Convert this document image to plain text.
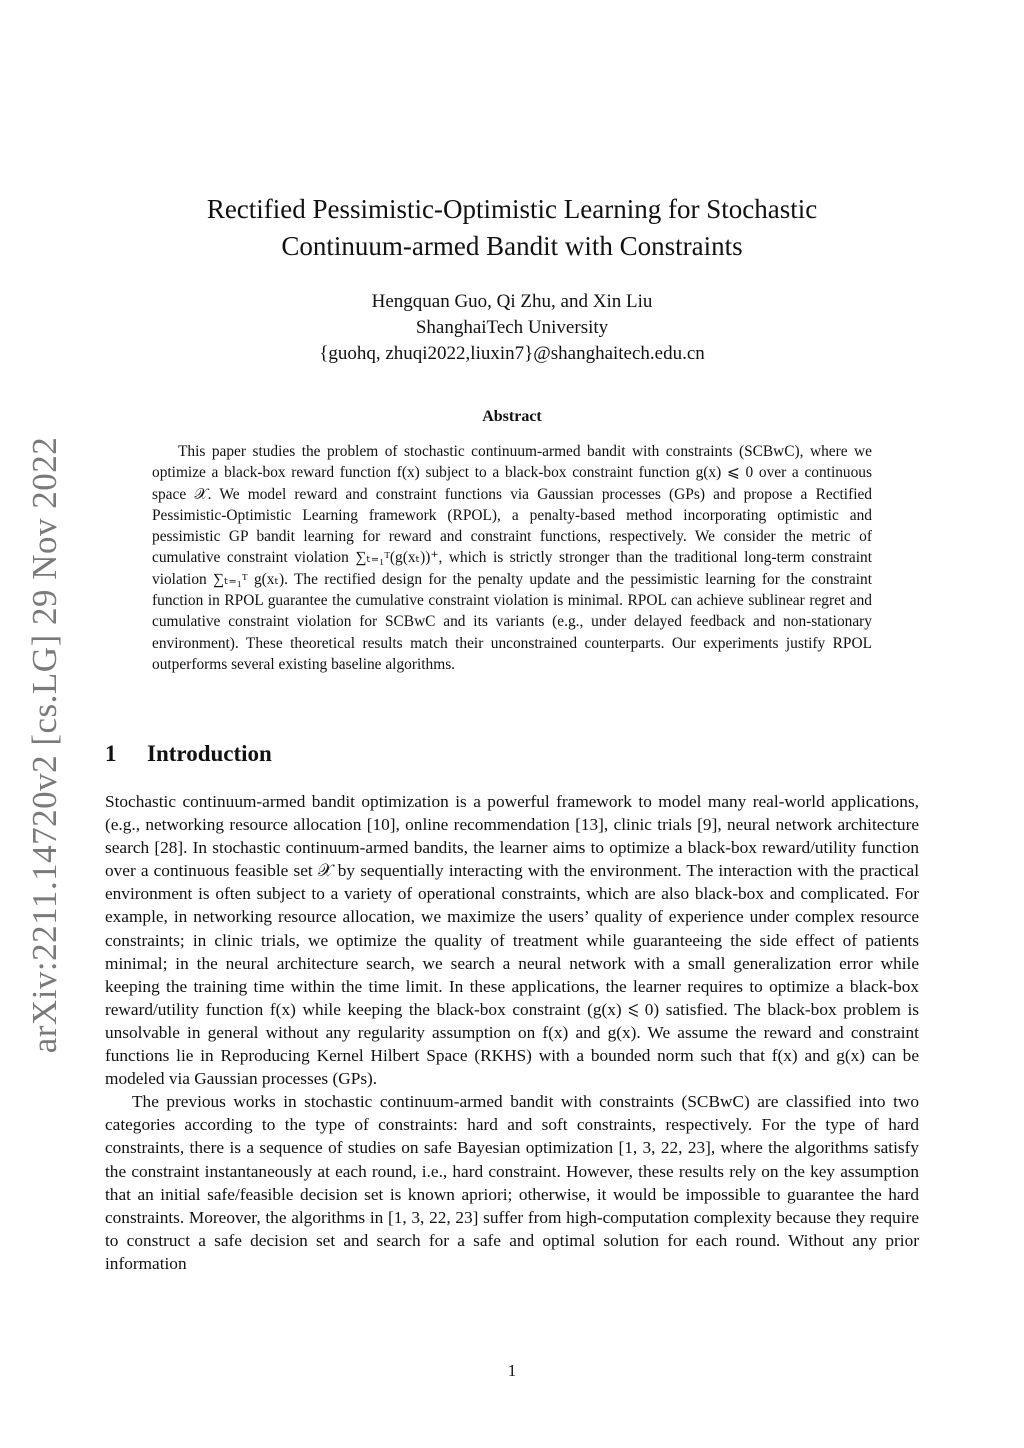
arXiv:2211.14720v2 [cs.LG] 29 Nov 2022
Rectified Pessimistic-Optimistic Learning for Stochastic
Continuum-armed Bandit with Constraints
Hengquan Guo, Qi Zhu, and Xin Liu
ShanghaiTech University
{guohq, zhuqi2022,liuxin7}@shanghaitech.edu.cn
Abstract

This paper studies the problem of stochastic continuum-armed bandit with constraints (SCBwC), where we optimize a black-box reward function f(x) subject to a black-box constraint function g(x) ⩽ 0 over a continuous space 𝒳. We model reward and constraint functions via Gaussian processes (GPs) and propose a Rectified Pessimistic-Optimistic Learning framework (RPOL), a penalty-based method incorporating optimistic and pessimistic GP bandit learning for reward and constraint functions, respectively. We consider the metric of cumulative constraint violation ∑ₜ₌₁ᵀ(g(xₜ))⁺, which is strictly stronger than the traditional long-term constraint violation ∑ₜ₌₁ᵀ g(xₜ). The rectified design for the penalty update and the pessimistic learning for the constraint function in RPOL guarantee the cumulative constraint violation is minimal. RPOL can achieve sublinear regret and cumulative constraint violation for SCBwC and its variants (e.g., under delayed feedback and non-stationary environment). These theoretical results match their unconstrained counterparts. Our experiments justify RPOL outperforms several existing baseline algorithms.

1 Introduction

Stochastic continuum-armed bandit optimization is a powerful framework to model many real-world applications, (e.g., networking resource allocation [10], online recommendation [13], clinic trials [9], neural network architecture search [28]. In stochastic continuum-armed bandits, the learner aims to optimize a black-box reward/utility function over a continuous feasible set 𝒳 by sequentially interacting with the environment. The interaction with the practical environment is often subject to a variety of operational constraints, which are also black-box and complicated. For example, in networking resource allocation, we maximize the users’ quality of experience under complex resource constraints; in clinic trials, we optimize the quality of treatment while guaranteeing the side effect of patients minimal; in the neural architecture search, we search a neural network with a small generalization error while keeping the training time within the time limit. In these applications, the learner requires to optimize a black-box reward/utility function f(x) while keeping the black-box constraint (g(x) ⩽ 0) satisfied. The black-box problem is unsolvable in general without any regularity assumption on f(x) and g(x). We assume the reward and constraint functions lie in Reproducing Kernel Hilbert Space (RKHS) with a bounded norm such that f(x) and g(x) can be modeled via Gaussian processes (GPs).

The previous works in stochastic continuum-armed bandit with constraints (SCBwC) are classified into two categories according to the type of constraints: hard and soft constraints, respectively. For the type of hard constraints, there is a sequence of studies on safe Bayesian optimization [1, 3, 22, 23], where the algorithms satisfy the constraint instantaneously at each round, i.e., hard constraint. However, these results rely on the key assumption that an initial safe/feasible decision set is known apriori; otherwise, it would be impossible to guarantee the hard constraints. Moreover, the algorithms in [1, 3, 22, 23] suffer from high-computation complexity because they require to construct a safe decision set and search for a safe and optimal solution for each round. Without any prior information

1
